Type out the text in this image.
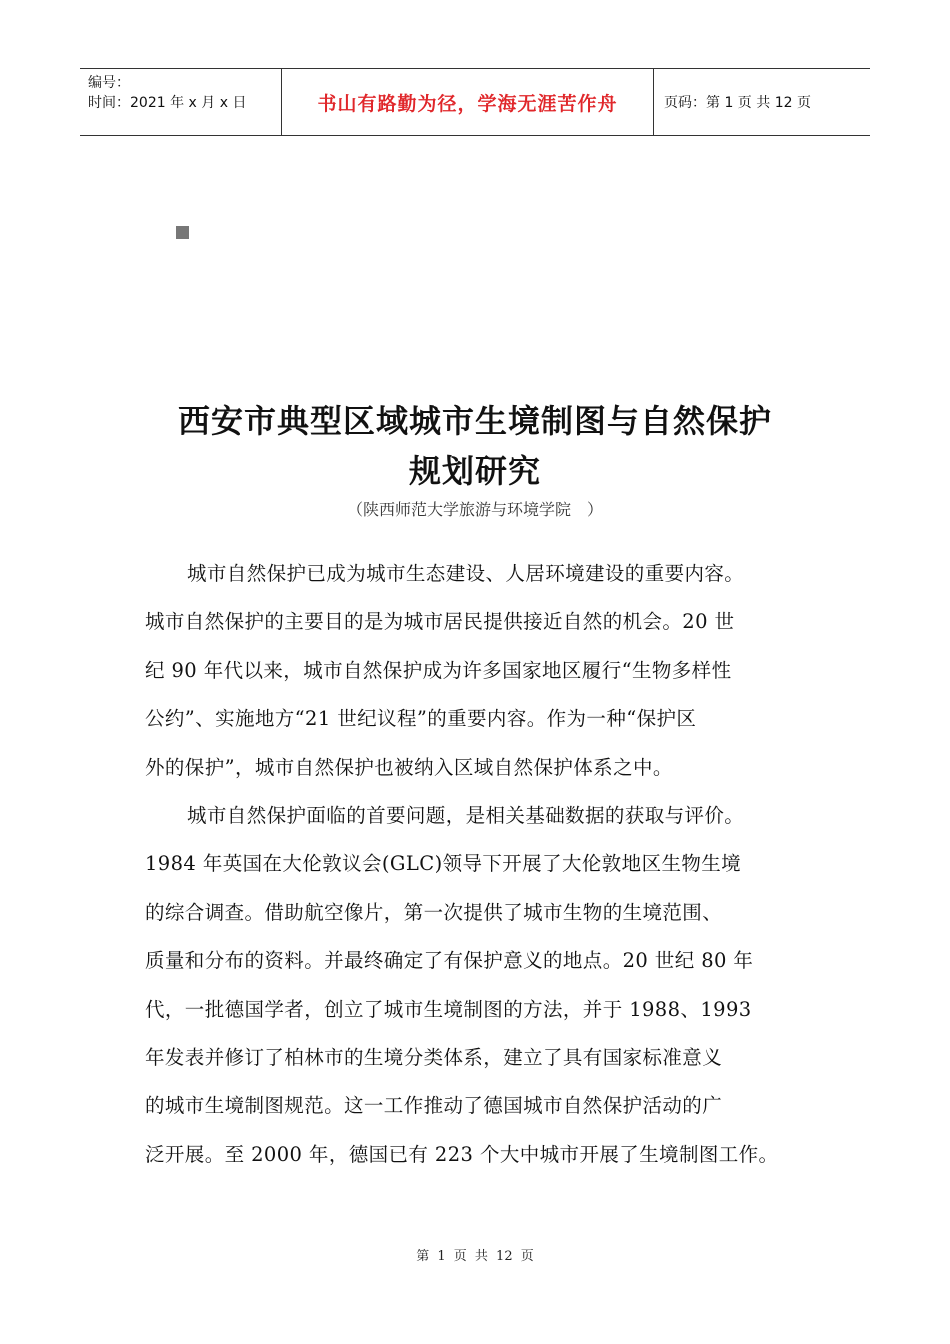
编号：
时间：2021 年 x 月 x 日	书山有路勤为径，学海无涯苦作舟	页码：第 1 页 共 12 页
西安市典型区域城市生境制图与自然保护
规划研究
（陕西师范大学旅游与环境学院　）
城市自然保护已成为城市生态建设、人居环境建设的重要内容。
城市自然保护的主要目的是为城市居民提供接近自然的机会。20 世
纪 90 年代以来，城市自然保护成为许多国家地区履行“生物多样性
公约”、实施地方“21 世纪议程”的重要内容。作为一种“保护区
外的保护”，城市自然保护也被纳入区域自然保护体系之中。
城市自然保护面临的首要问题，是相关基础数据的获取与评价。
1984 年英国在大伦敦议会(GLC)领导下开展了大伦敦地区生物生境
的综合调查。借助航空像片，第一次提供了城市生物的生境范围、
质量和分布的资料。并最终确定了有保护意义的地点。20 世纪 80 年
代，一批德国学者，创立了城市生境制图的方法，并于 1988、1993
年发表并修订了柏林市的生境分类体系，建立了具有国家标准意义
的城市生境制图规范。这一工作推动了德国城市自然保护活动的广
泛开展。至 2000 年，德国已有 223 个大中城市开展了生境制图工作。
第 1 页 共 12 页
